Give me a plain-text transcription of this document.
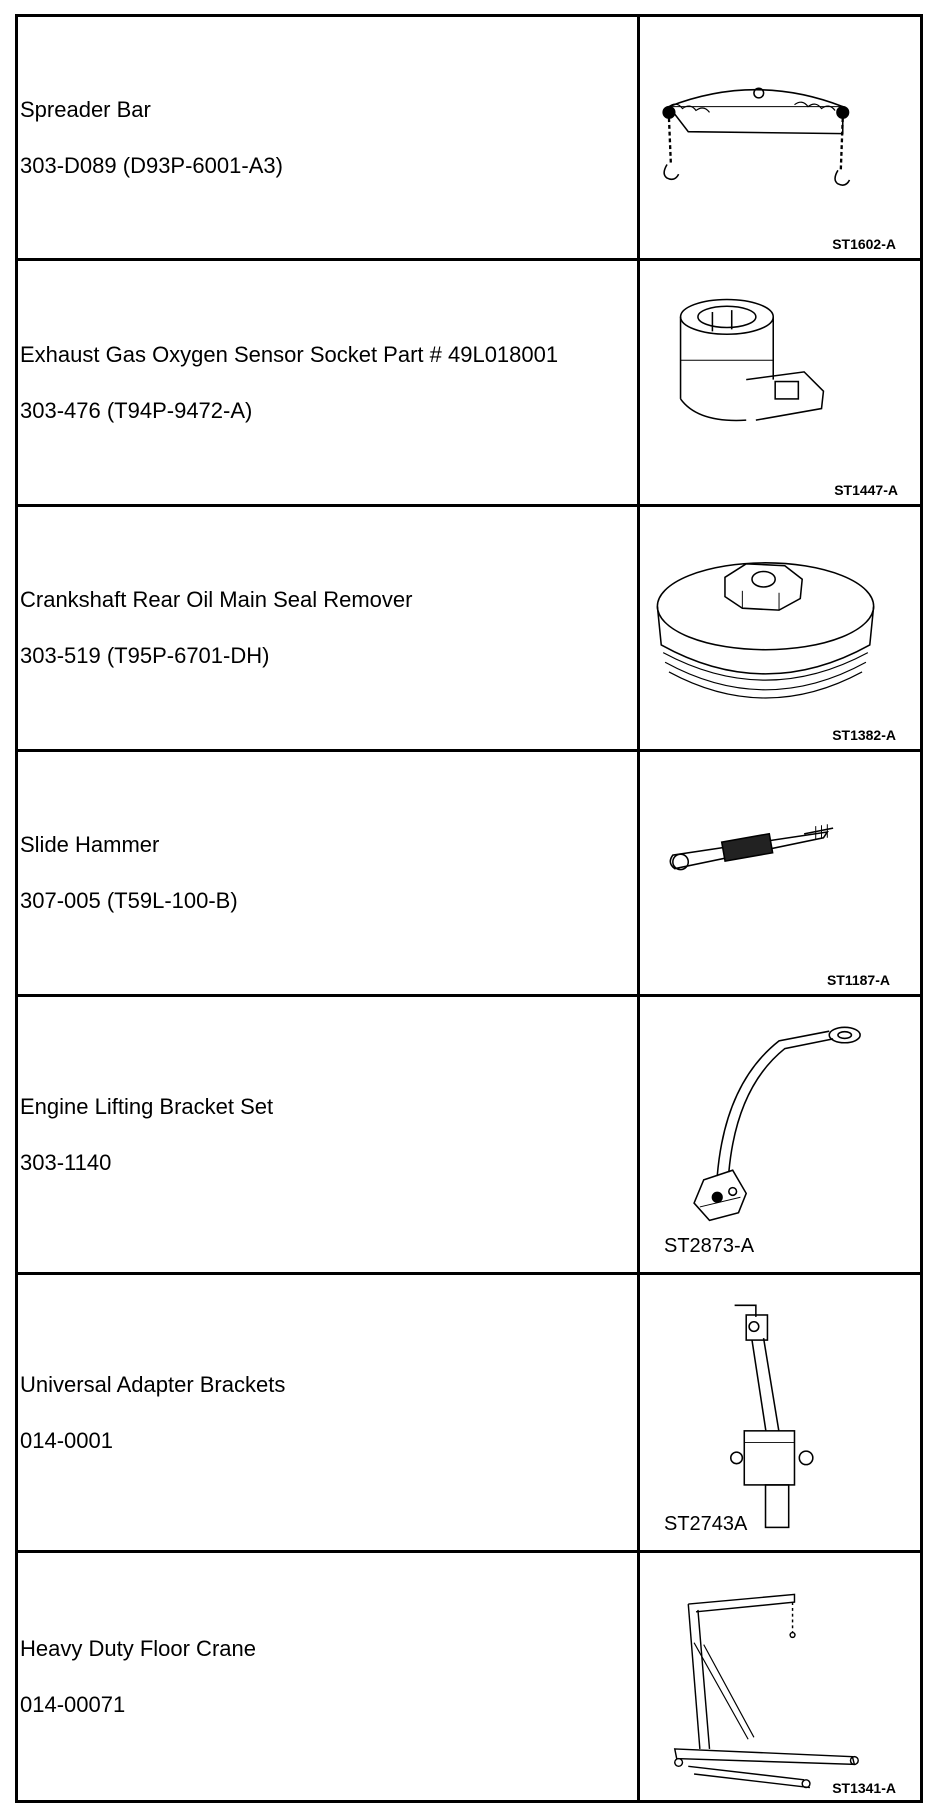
Spreader Bar

303-D089 (D93P-6001-A3)	ST1602-A

Exhaust Gas Oxygen Sensor Socket Part # 49L018001

303-476 (T94P-9472-A)	ST1447-A

Crankshaft Rear Oil Main Seal Remover

303-519 (T95P-6701-DH)	ST1382-A

Slide Hammer

307-005 (T59L-100-B)	ST1187-A

Engine Lifting Bracket Set

303-1140	ST2873-A

Universal Adapter Brackets

014-0001	ST2743A

Heavy Duty Floor Crane

014-00071	ST1341-A
